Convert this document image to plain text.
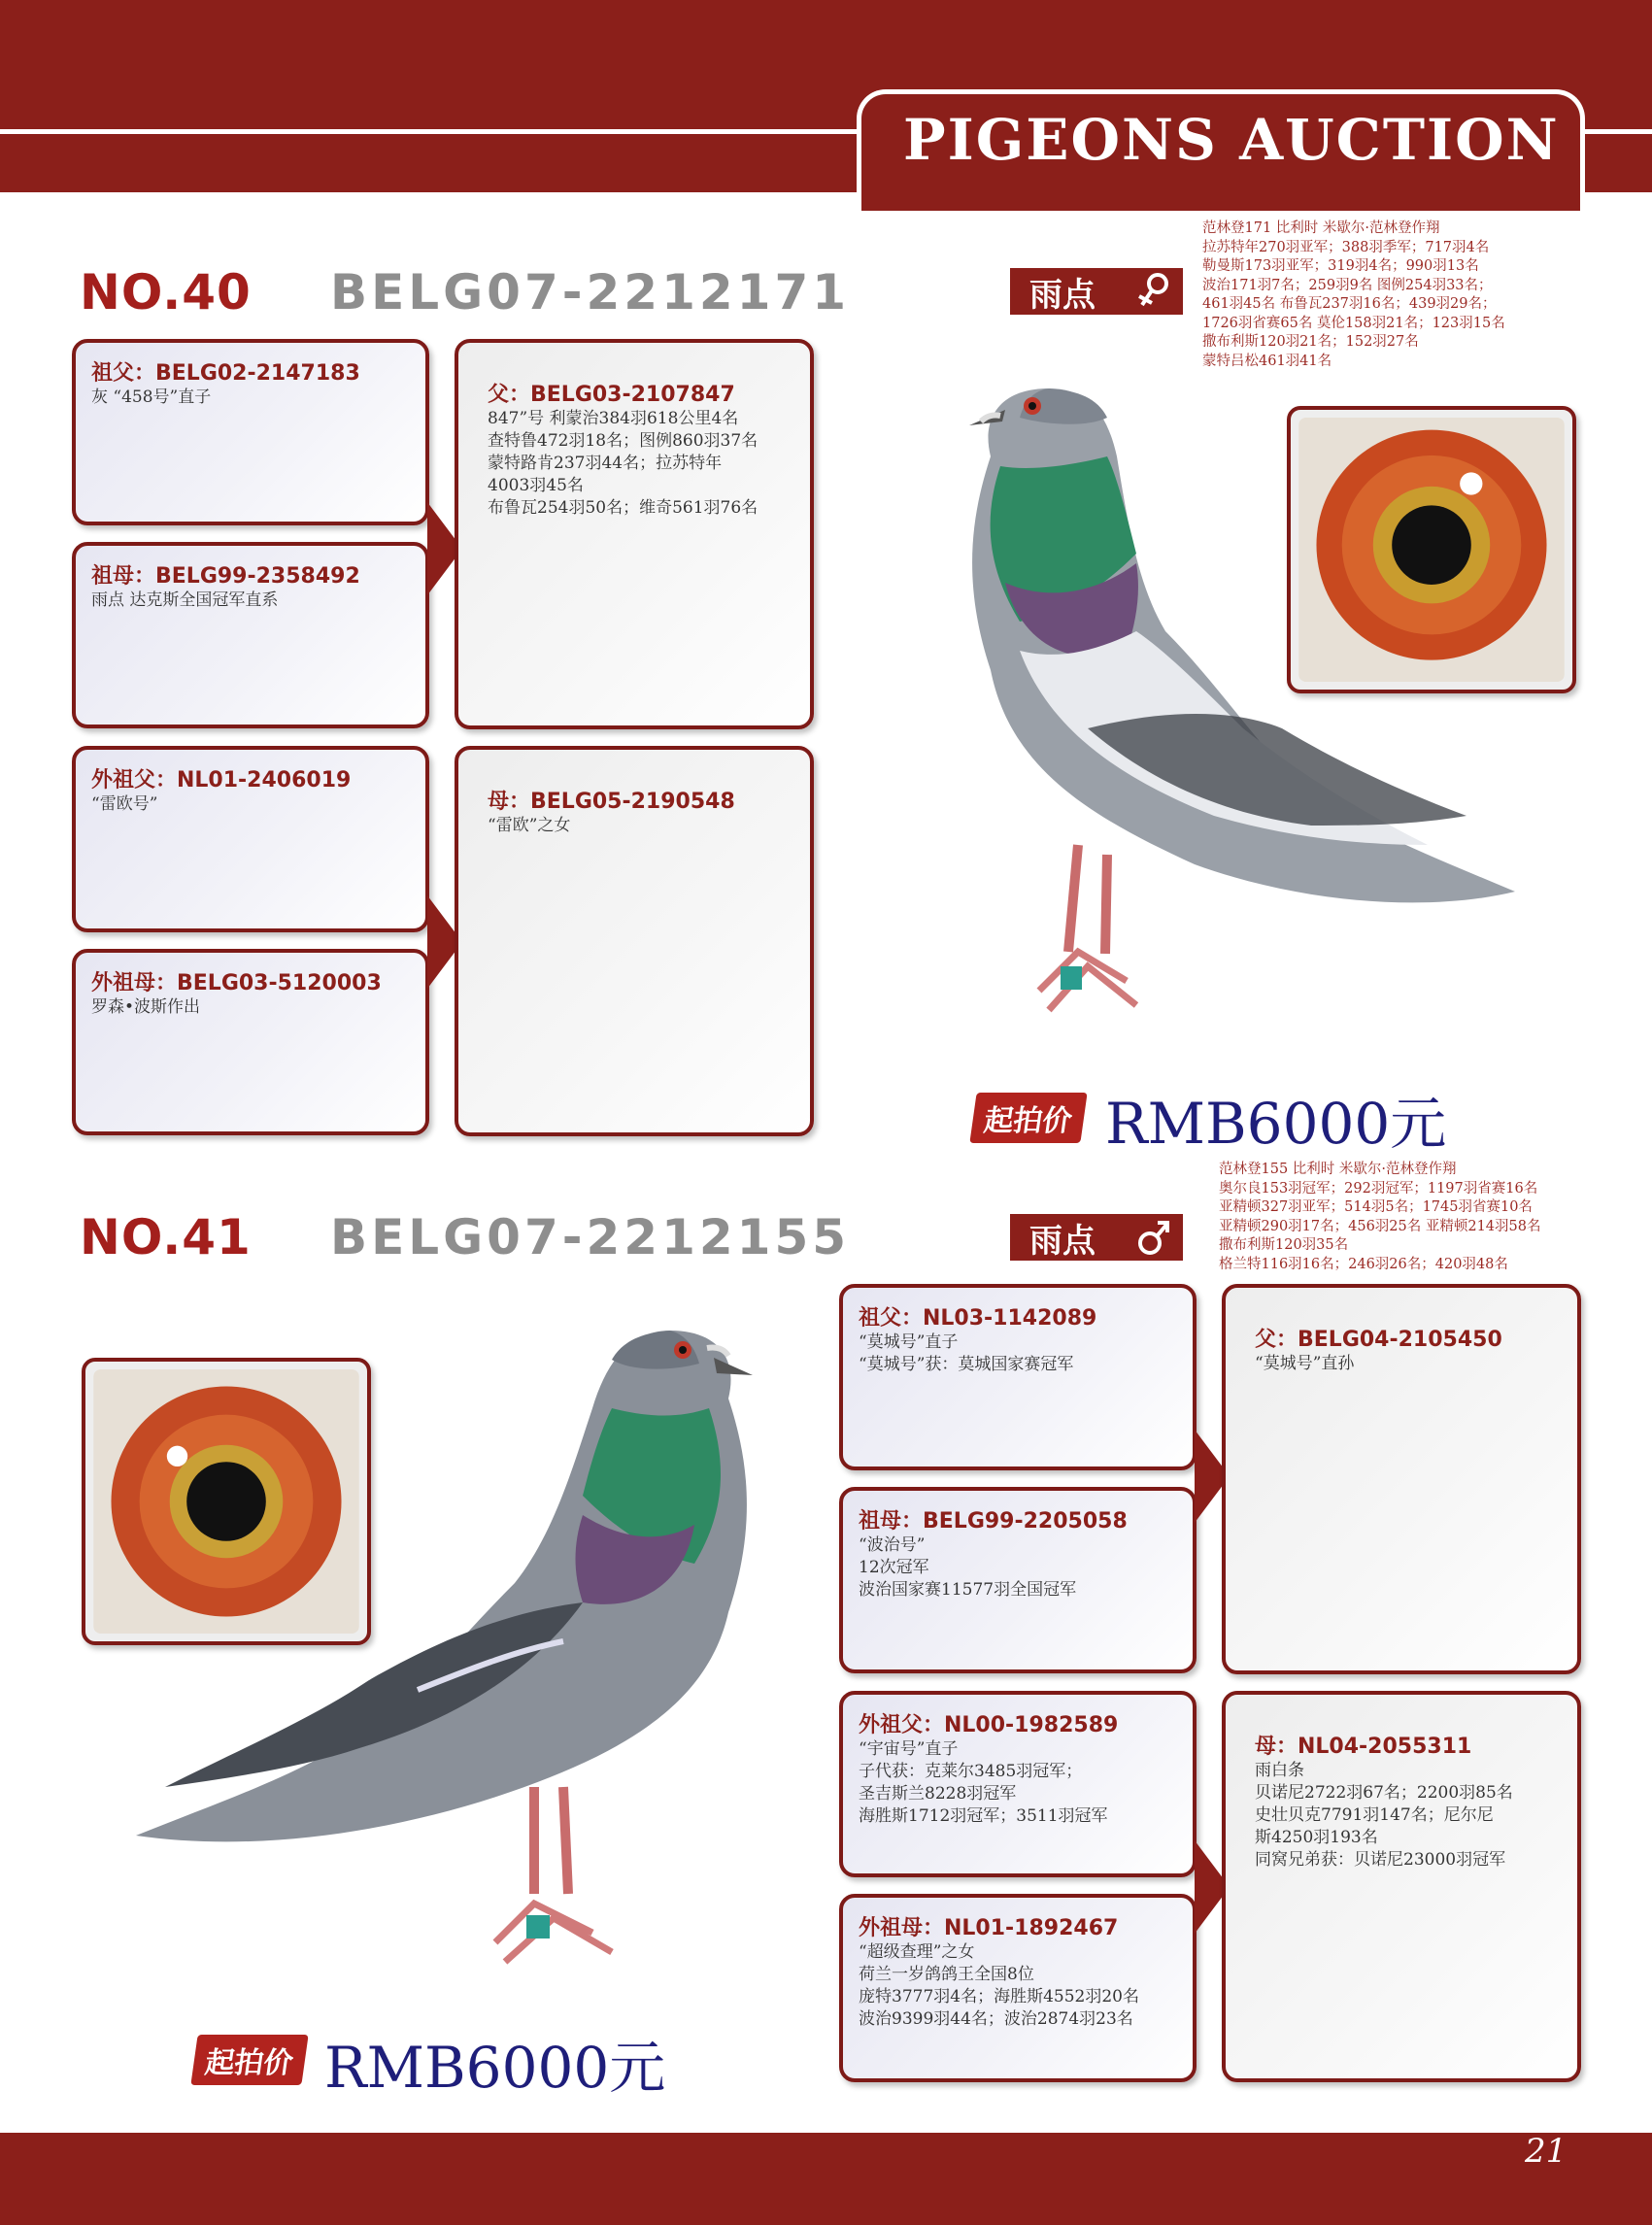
PIGEONS AUCTION
NO.40 BELG07-2212171	雨点
范林登171 比利时 米歇尔·范林登作翔
拉苏特年270羽亚军；388羽季军；717羽4名
勒曼斯173羽亚军；319羽4名；990羽13名
波治171羽7名；259羽9名 图例254羽33名；
461羽45名 布鲁瓦237羽16名；439羽29名；
1726羽省赛65名 莫伦158羽21名；123羽15名
撒布利斯120羽21名；152羽27名
蒙特吕松461羽41名
祖父：BELG02-2147183
灰 “458号”直子
祖母：BELG99-2358492
雨点 达克斯全国冠军直系
父：BELG03-2107847
847”号 利蒙治384羽618公里4名
查特鲁472羽18名；图例860羽37名
蒙特路肯237羽44名；拉苏特年
4003羽45名
布鲁瓦254羽50名；维奇561羽76名
外祖父：NL01-2406019
“雷欧号”
外祖母：BELG03-5120003
罗森•波斯作出
母：BELG05-2190548
“雷欧”之女
起拍价 RMB6000元
NO.41 BELG07-2212155	雨点
范林登155 比利时 米歇尔·范林登作翔
奥尔良153羽冠军；292羽冠军；1197羽省赛16名
亚精顿327羽亚军；514羽5名；1745羽省赛10名
亚精顿290羽17名；456羽25名 亚精顿214羽58名
撒布利斯120羽35名
格兰特116羽16名；246羽26名；420羽48名
祖父：NL03-1142089
“莫城号”直子
“莫城号”获：莫城国家赛冠军
祖母：BELG99-2205058
“波治号”
12次冠军
波治国家赛11577羽全国冠军
父：BELG04-2105450
“莫城号”直孙
外祖父：NL00-1982589
“宇宙号”直子
子代获：克莱尔3485羽冠军；
圣吉斯兰8228羽冠军
海胜斯1712羽冠军；3511羽冠军
外祖母：NL01-1892467
“超级查理”之女
荷兰一岁鸽鸽王全国8位
庞特3777羽4名；海胜斯4552羽20名
波治9399羽44名；波治2874羽23名
母：NL04-2055311
雨白条
贝诺尼2722羽67名；2200羽85名
史壮贝克7791羽147名；尼尔尼
斯4250羽193名
同窝兄弟获：贝诺尼23000羽冠军
起拍价 RMB6000元
21
